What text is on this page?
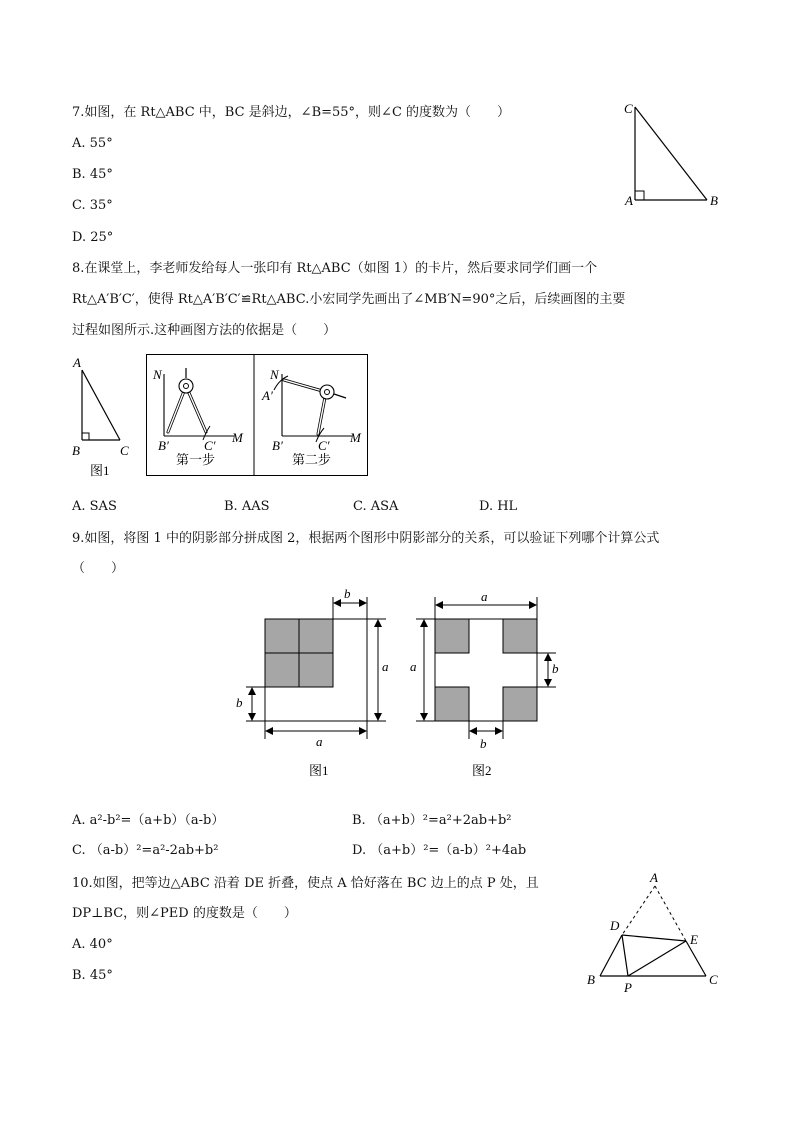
7.如图，在 Rt△ABC 中，BC 是斜边，∠B=55°，则∠C 的度数为（　　）
A. 55°
B. 45°
C. 35°
D. 25°
C
A	B
8.在课堂上，李老师发给每人一张印有 Rt△ABC（如图 1）的卡片，然后要求同学们画一个
Rt△A′B′C′，使得 Rt△A′B′C′≌Rt△ABC.小宏同学先画出了∠MB′N=90°之后，后续画图的主要
过程如图所示.这种画图方法的依据是（　　）
A
B	C
图1
N
B′	C′
M
第一步
N
A′
B′	C′
M
第二步
A. SAS	B. AAS	C. ASA	D. HL
9.如图，将图 1 中的阴影部分拼成图 2，根据两个图形中阴影部分的关系，可以验证下列哪个计算公式
（　　）
b
a
b
a
图1
a
a	b
b
图2
A. a²-b²=（a+b）（a-b）	B. （a+b）²=a²+2ab+b²
C. （a-b）²=a²-2ab+b²	D. （a+b）²=（a-b）²+4ab
10.如图，把等边△ABC 沿着 DE 折叠，使点 A 恰好落在 BC 边上的点 P 处，且
DP⊥BC，则∠PED 的度数是（　　）
A. 40°
B. 45°
A
D
E
B
P
C
